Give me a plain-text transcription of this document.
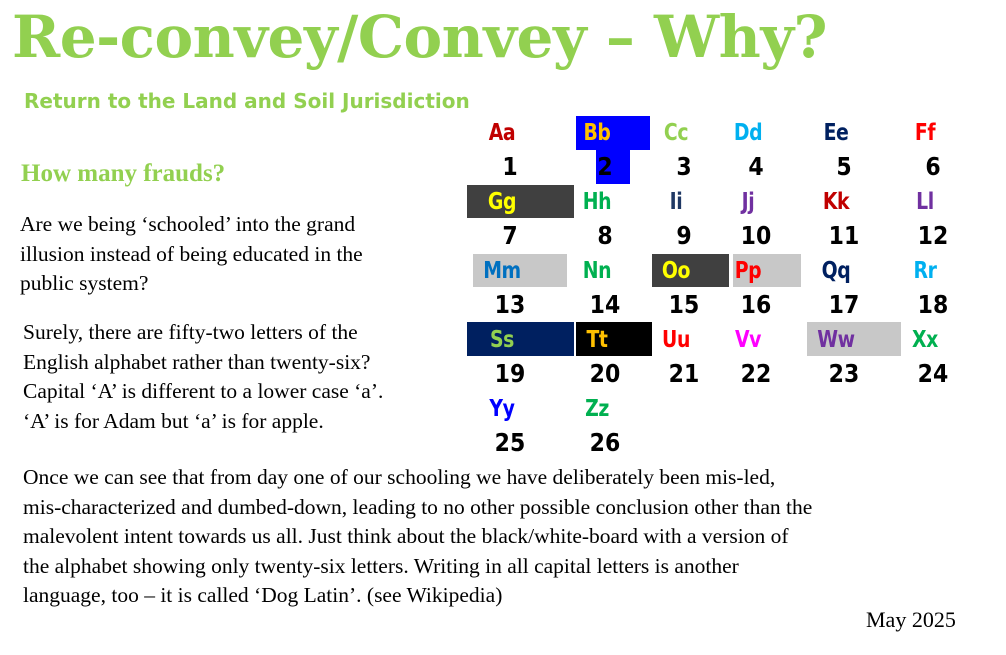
Re-convey/Convey – Why?
Return to the Land and Soil Jurisdiction
How many frauds?
Are we being ‘schooled’ into the grand
illusion instead of being educated in the
public system?
Surely, there are fifty-two letters of the
English alphabet rather than twenty-six?
Capital ‘A’ is different to a lower case ‘a’.
‘A’ is for Adam but ‘a’ is for apple.
Once we can see that from day one of our schooling we have deliberately been mis-led,
mis-characterized and dumbed-down, leading to no other possible conclusion other than the
malevolent intent towards us all. Just think about the black/white-board with a version of
the alphabet showing only twenty-six letters. Writing in all capital letters is another
language, too – it is called ‘Dog Latin’. (see Wikipedia)
May 2025
Aa
1
Bb
2
Cc
3
Dd
4
Ee
5
Ff
6
Gg
7
Hh
8
Ii
9
Jj
10
Kk
11
Ll
12
Mm
13
Nn
14
Oo
15
Pp
16
Qq
17
Rr
18
Ss
19
Tt
20
Uu
21
Vv
22
Ww
23
Xx
24
Yy
25
Zz
26
